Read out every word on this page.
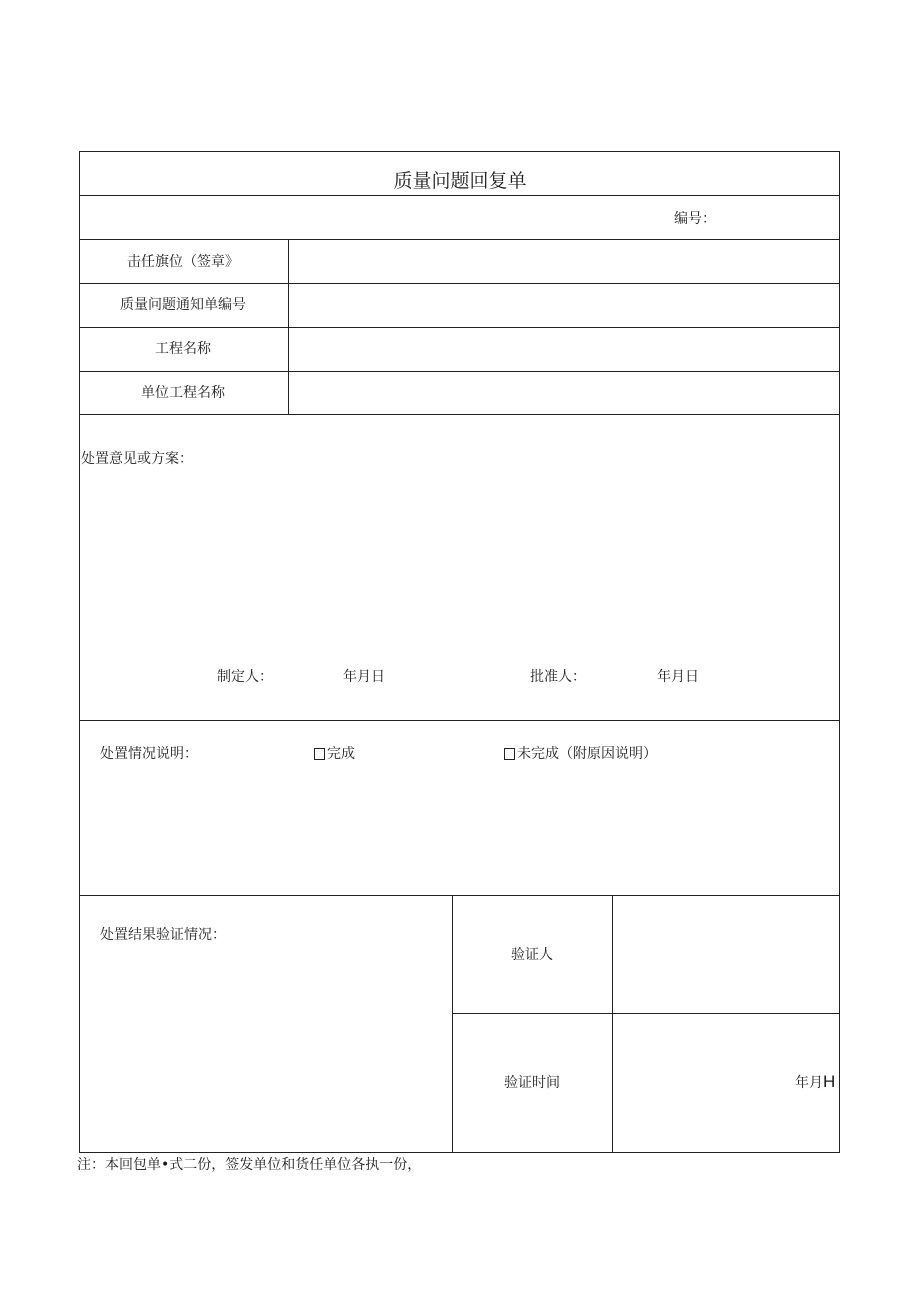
质量问题回复单
编号：
击任旗位（签章》
质量问题通知单编号
工程名称
单位工程名称
处置意见或方案：
制定人：	年月日	批准人：	年月日
处置情况说明：	完成	未完成（附原因说明）
处置结果验证情况：
验证人
验证时间	年月H
注：本回包单•式二份，签发单位和货任单位各执一份，
